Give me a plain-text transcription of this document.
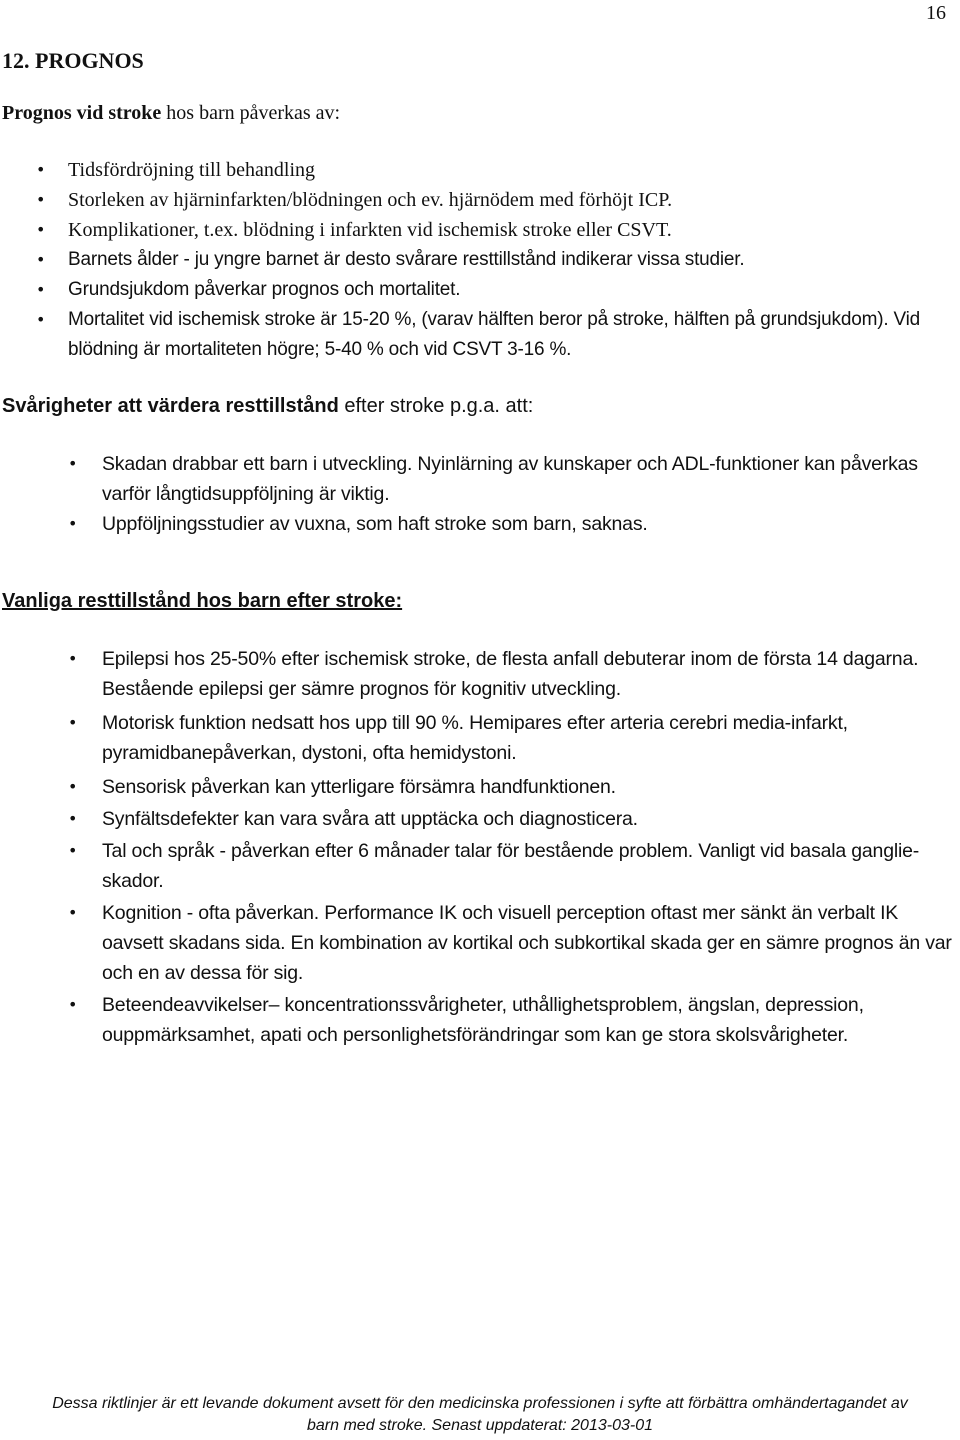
16
12. PROGNOS

Prognos vid stroke hos barn påverkas av:

• Tidsfördröjning till behandling
• Storleken av hjärninfarkten/blödningen och ev. hjärnödem med förhöjt ICP.
• Komplikationer, t.ex. blödning i infarkten vid ischemisk stroke eller CSVT.
• Barnets ålder - ju yngre barnet är desto svårare resttillstånd indikerar vissa studier.
• Grundsjukdom påverkar prognos och mortalitet.
• Mortalitet vid ischemisk stroke är 15-20 %, (varav hälften beror på stroke, hälften på grundsjukdom). Vid blödning är mortaliteten högre; 5-40 % och vid CSVT 3-16 %.
Svårigheter att värdera resttillstånd efter stroke p.g.a. att:
• Skadan drabbar ett barn i utveckling. Nyinlärning av kunskaper och ADL-funktioner kan påverkas varför långtidsuppföljning är viktig.
• Uppföljningsstudier av vuxna, som haft stroke som barn, saknas.
Vanliga resttillstånd hos barn efter stroke:
• Epilepsi hos 25-50% efter ischemisk stroke, de flesta anfall debuterar inom de första 14 dagarna. Bestående epilepsi ger sämre prognos för kognitiv utveckling.
• Motorisk funktion nedsatt hos upp till 90 %. Hemipares efter arteria cerebri media-infarkt, pyramidbanepåverkan, dystoni, ofta hemidystoni.
• Sensorisk påverkan kan ytterligare försämra handfunktionen.
• Synfältsdefekter kan vara svåra att upptäcka och diagnosticera.
• Tal och språk - påverkan efter 6 månader talar för bestående problem. Vanligt vid basala ganglie-skador.
• Kognition - ofta påverkan. Performance IK och visuell perception oftast mer sänkt än verbalt IK oavsett skadans sida. En kombination av kortikal och subkortikal skada ger en sämre prognos än var och en av dessa för sig.
• Beteendeavvikelser– koncentrationssvårigheter, uthållighetsproblem, ängslan, depression, ouppmärksamhet, apati och personlighetsförändringar som kan ge stora skolsvårigheter.
Dessa riktlinjer är ett levande dokument avsett för den medicinska professionen i syfte att förbättra omhändertagandet av
barn med stroke. Senast uppdaterat: 2013-03-01
